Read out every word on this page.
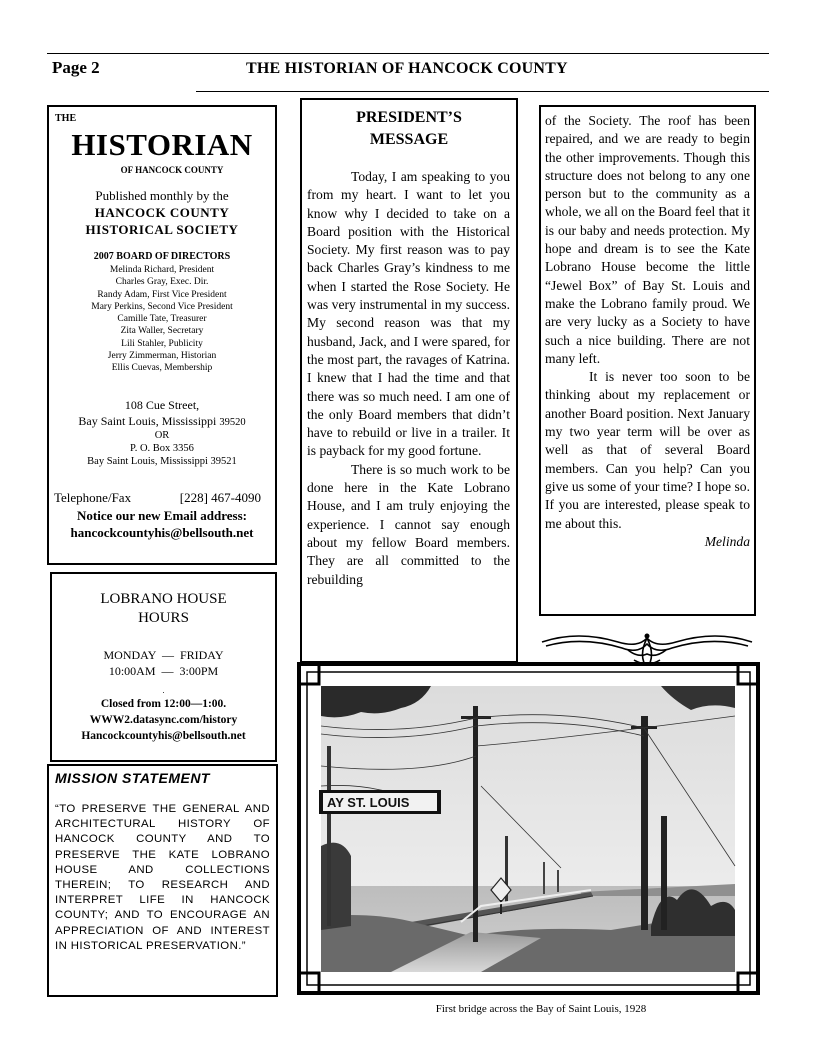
Page 2	THE HISTORIAN OF HANCOCK COUNTY
THE
HISTORIAN
OF HANCOCK COUNTY
Published monthly by the
HANCOCK COUNTY
HISTORICAL SOCIETY
2007 BOARD OF DIRECTORS
Melinda Richard, President
Charles Gray, Exec. Dir.
Randy Adam, First Vice President
Mary Perkins, Second Vice President
Camille Tate, Treasurer
Zita Waller, Secretary
Lili Stahler, Publicity
Jerry Zimmerman, Historian
Ellis Cuevas, Membership
108 Cue Street,
Bay Saint Louis, Mississippi 39520
OR
P. O. Box 3356
Bay Saint Louis, Mississippi 39521
Telephone/Fax	[228] 467-4090
Notice our new Email address:
hancockcountyhis@bellsouth.net
LOBRANO HOUSE
HOURS
MONDAY  —  FRIDAY
10:00AM  —  3:00PM
.
Closed from 12:00—1:00.
WWW2.datasync.com/history
Hancockcountyhis@bellsouth.net
MISSION STATEMENT
“TO PRESERVE THE GENERAL AND ARCHITECTURAL HISTORY OF HANCOCK COUNTY AND TO PRESERVE THE KATE LOBRANO HOUSE AND COLLECTIONS THEREIN; TO RESEARCH AND INTERPRET LIFE IN HANCOCK COUNTY; AND TO ENCOURAGE AN APPRECIATION OF AND INTEREST IN HISTORICAL PRESERVATION.”
PRESIDENT’S
MESSAGE

Today, I am speaking to you from my heart. I want to let you know why I decided to take on a Board position with the Historical Society. My first reason was to pay back Charles Gray’s kindness to me when I started the Rose Society. He was very instrumental in my success. My second reason was that my husband, Jack, and I were spared, for the most part, the ravages of Katrina. I knew that I had the time and that there was so much need. I am one of the only Board members that didn’t have to rebuild or live in a trailer. It is payback for my good fortune.

There is so much work to be done here in the Kate Lobrano House, and I am truly enjoying the experience. I cannot say enough about my fellow Board members. They are all committed to the rebuilding

of the Society. The roof has been repaired, and we are ready to begin the other improvements. Though this structure does not belong to any one person but to the community as a whole, we all on the Board feel that it is our baby and needs protection. My hope and dream is to see the Kate Lobrano House become the little “Jewel Box” of Bay St. Louis and make the Lobrano family proud. We are very lucky as a Society to have such a nice building. There are not many left.

It is never too soon to be thinking about my replacement or another Board position. Next January my two year term will be over as well as that of several Board members. Can you help? Can you give us some of your time? I hope so. If you are interested, please speak to me about this.

Melinda

AY ST. LOUIS
First bridge across the Bay of Saint Louis, 1928
